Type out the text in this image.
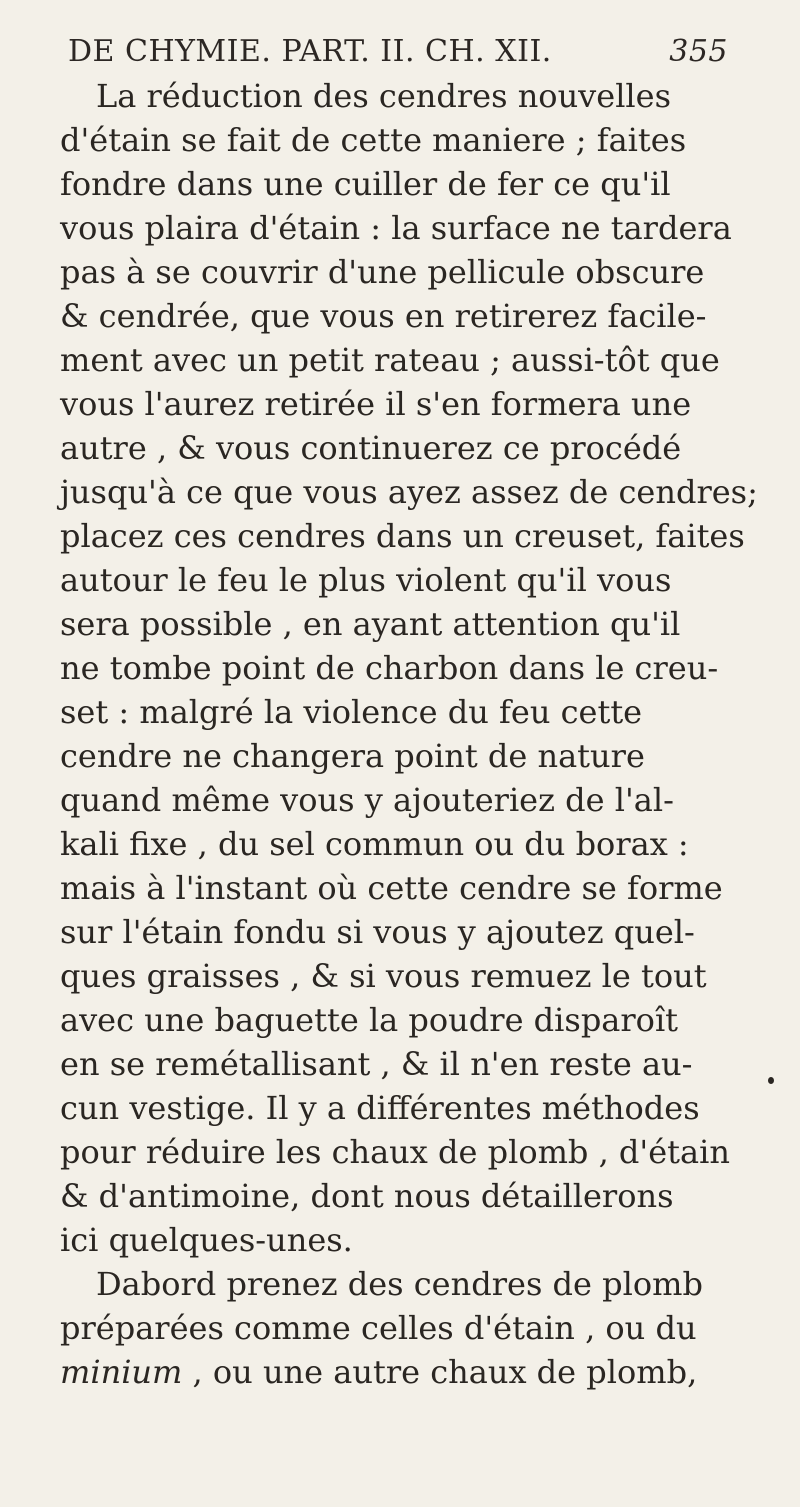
DE CHYMIE. PART. II. CH. XII.	355
La réduction des cendres nouvelles
d'étain se fait de cette maniere ; faites
fondre dans une cuiller de fer ce qu'il
vous plaira d'étain : la surface ne tardera
pas à se couvrir d'une pellicule obscure
& cendrée, que vous en retirerez facile-
ment avec un petit rateau ; aussi-tôt que
vous l'aurez retirée il s'en formera une
autre , & vous continuerez ce procédé
jusqu'à ce que vous ayez assez de cendres;
placez ces cendres dans un creuset, faites
autour le feu le plus violent qu'il vous
sera possible , en ayant attention qu'il
ne tombe point de charbon dans le creu-
set : malgré la violence du feu cette
cendre ne changera point de nature
quand même vous y ajouteriez de l'al-
kali fixe , du sel commun ou du borax :
mais à l'instant où cette cendre se forme
sur l'étain fondu si vous y ajoutez quel-
ques graisses , & si vous remuez le tout
avec une baguette la poudre disparoît
en se remétallisant , & il n'en reste au-
cun vestige. Il y a différentes méthodes
pour réduire les chaux de plomb , d'étain
& d'antimoine, dont nous détaillerons
ici quelques-unes.
Dabord prenez des cendres de plomb
préparées comme celles d'étain , ou du
minium , ou une autre chaux de plomb,
